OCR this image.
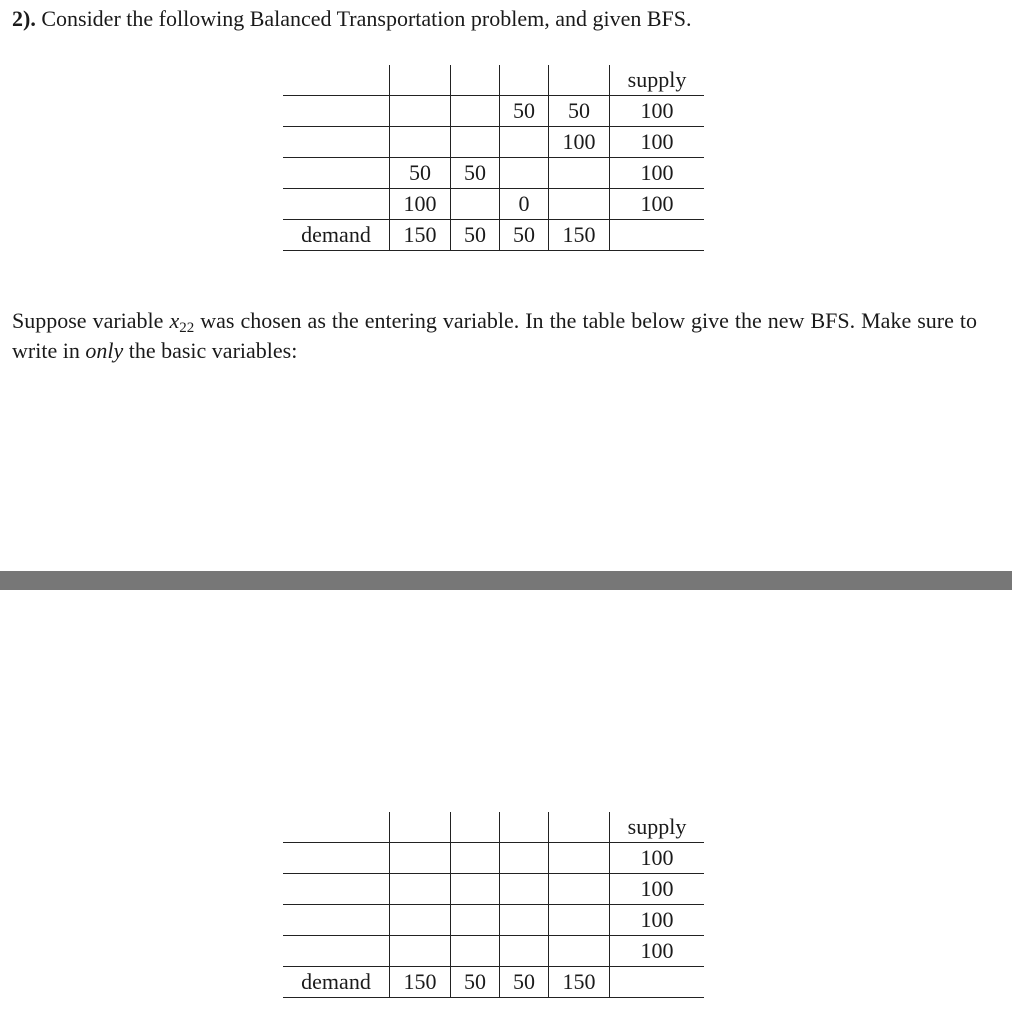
2). Consider the following Balanced Transportation problem, and given BFS.
					supply
			50	50	100
				100	100
	50	50			100
	100		0		100
demand	150	50	50	150	
Suppose variable $x_{22}$ was chosen as the entering variable. In the table below give the new BFS. Make sure to write in only the basic variables:
					supply
					100
					100
					100
					100
demand	150	50	50	150	
